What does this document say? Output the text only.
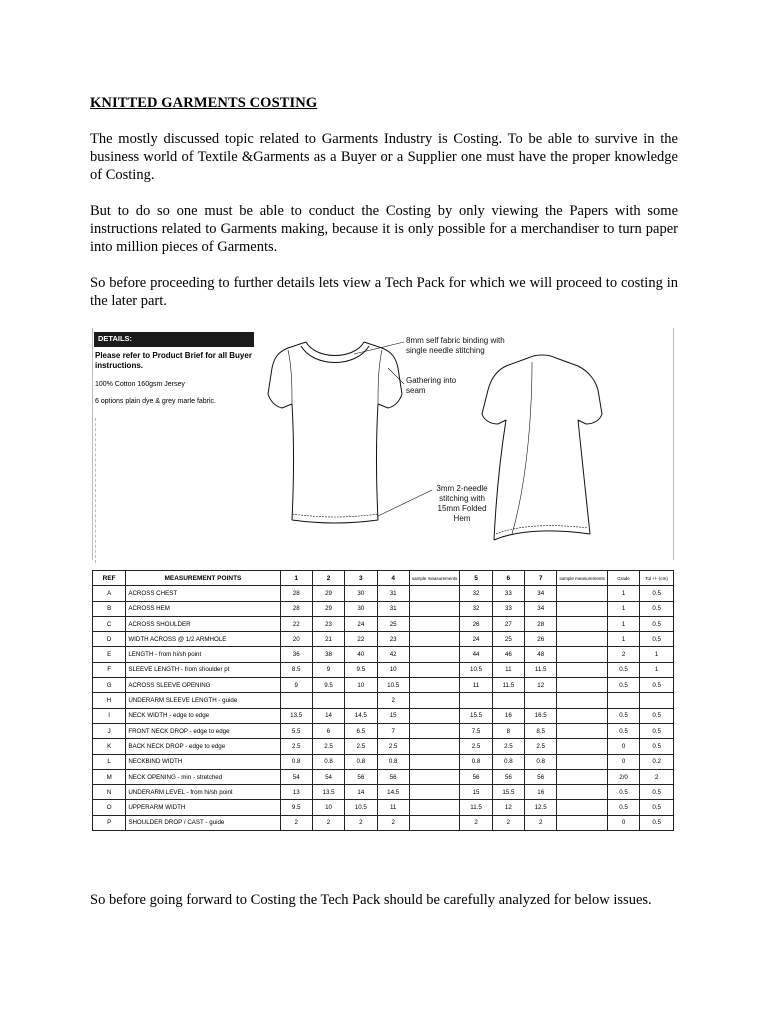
KNITTED GARMENTS COSTING
The mostly discussed topic related to Garments Industry is Costing. To be able to survive in the business world of Textile &Garments as a Buyer or a Supplier one must have the proper knowledge of Costing.
But to do so one must be able to conduct the Costing by only viewing the Papers with some instructions related to Garments making, because it is only possible for a merchandiser to turn paper into million pieces of Garments.
So before proceeding to further details lets view a Tech Pack for which we will proceed to costing in the later part.
DETAILS:
Please refer to Product Brief for all Buyer instructions.
100% Cotton 160gsm Jersey
6 options plain dye & grey marle fabric.
8mm self fabric binding with single needle stitching
Gathering into seam
3mm 2-needle stitching with 15mm Folded Hem
REF	MEASUREMENT POINTS	1	2	3	4	sample measurements	5	6	7	sample measurements	Grade	Tol +/- (cm)
A	ACROSS CHEST	28	29	30	31		32	33	34		1	0.5
B	ACROSS HEM	28	29	30	31		32	33	34		1	0.5
C	ACROSS SHOULDER	22	23	24	25		26	27	28		1	0.5
D	WIDTH ACROSS @ 1/2 ARMHOLE	20	21	22	23		24	25	26		1	0.5
E	LENGTH - from hi/sh point	36	38	40	42		44	46	48		2	1
F	SLEEVE LENGTH - from shoulder pt	8.5	9	9.5	10		10.5	11	11.5		0.5	1
G	ACROSS SLEEVE OPENING	9	9.5	10	10.5		11	11.5	12		0.5	0.5
H	UNDERARM SLEEVE LENGTH - guide				2							
I	NECK WIDTH - edge to edge	13.5	14	14.5	15		15.5	16	16.5		0.5	0.5
J	FRONT NECK DROP - edge to edge	5.5	6	6.5	7		7.5	8	8.5		0.5	0.5
K	BACK NECK DROP - edge to edge	2.5	2.5	2.5	2.5		2.5	2.5	2.5		0	0.5
L	NECKBIND WIDTH	0.8	0.8	0.8	0.8		0.8	0.8	0.8		0	0.2
M	NECK OPENING - min - stretched	54	54	56	56		56	56	56		2/0	2
N	UNDERARM LEVEL - from hi/sh point	13	13.5	14	14.5		15	15.5	16		0.5	0.5
O	UPPERARM WIDTH	9.5	10	10.5	11		11.5	12	12.5		0.5	0.5
P	SHOULDER DROP / CAST - guide	2	2	2	2		2	2	2		0	0.5
So before going forward to Costing the Tech Pack should be carefully analyzed for below issues.
